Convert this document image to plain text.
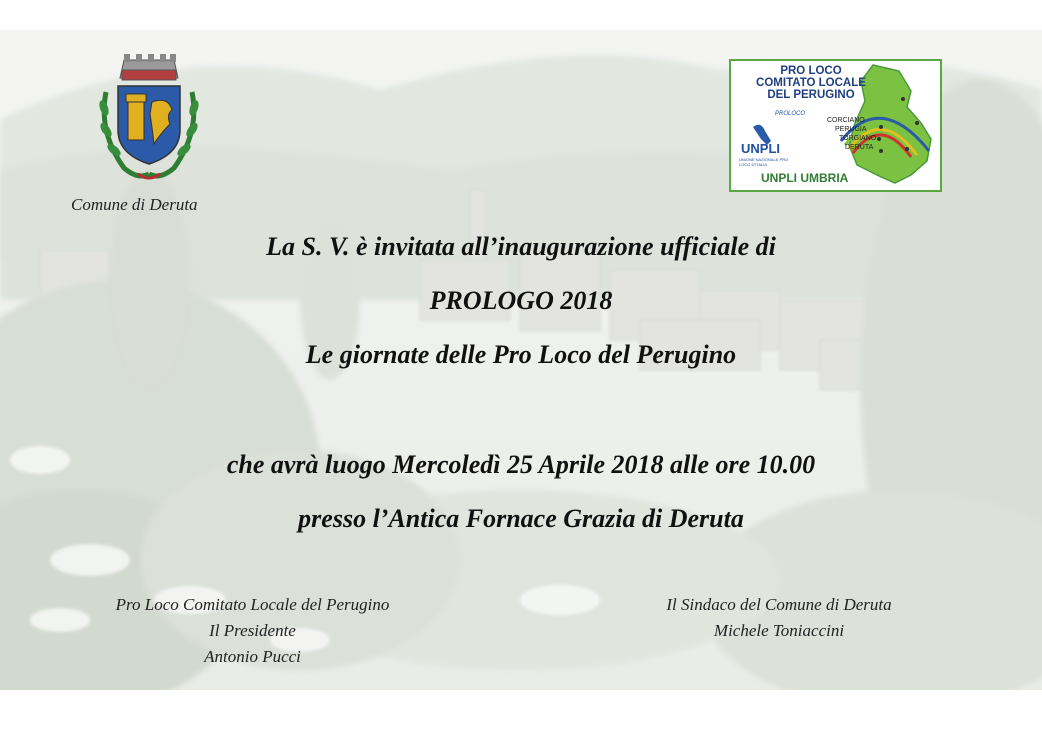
Comune di Deruta
PRO LOCO
COMITATO LOCALE
DEL PERUGINO
PROLOCO
UNPLI
UNIONE NAZIONALE PRO LOCO D'ITALIA
CORCIANO
PERUGIA
TORGIANO
DERUTA
UNPLI UMBRIA
La S. V. è invitata all’inaugurazione ufficiale di
PROLOGO 2018
Le giornate delle Pro Loco del Perugino
che avrà luogo Mercoledì 25 Aprile 2018 alle ore 10.00
presso l’Antica Fornace Grazia di Deruta
Pro Loco Comitato Locale del Perugino
Il Presidente
Antonio Pucci
Il Sindaco del Comune di Deruta
Michele Toniaccini
